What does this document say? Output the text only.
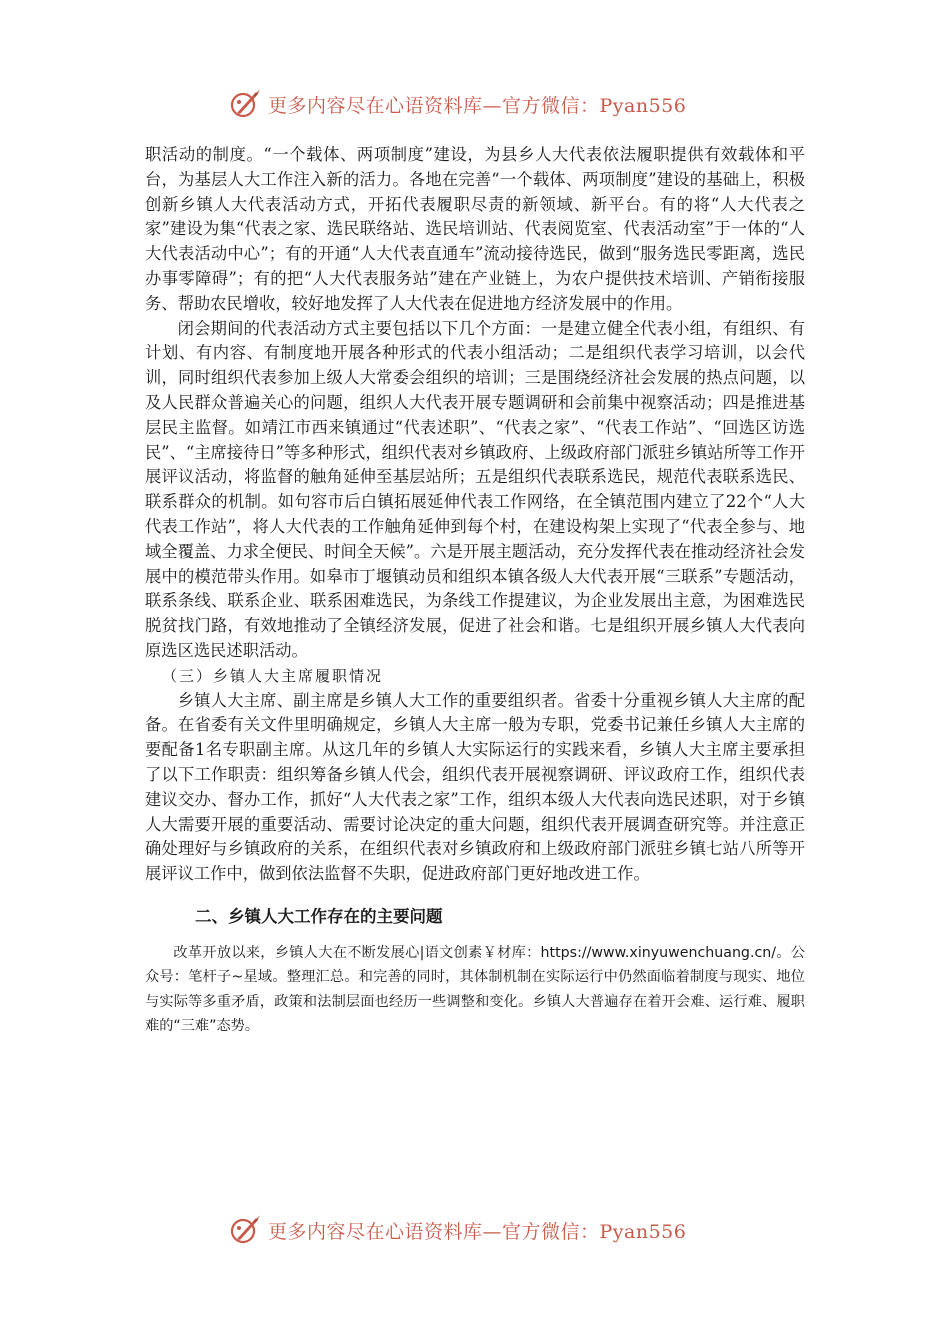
更多内容尽在心语资料库—官方微信：Pyan556

职活动的制度。“一个载体、两项制度”建设，为县乡人大代表依法履职提供有效载体和平台，为基层人大工作注入新的活力。各地在完善“一个载体、两项制度”建设的基础上，积极创新乡镇人大代表活动方式，开拓代表履职尽责的新领域、新平台。有的将“人大代表之家”建设为集“代表之家、选民联络站、选民培训站、代表阅览室、代表活动室”于一体的“人大代表活动中心”；有的开通“人大代表直通车”流动接待选民，做到“服务选民零距离，选民办事零障碍”；有的把“人大代表服务站”建在产业链上，为农户提供技术培训、产销衔接服务、帮助农民增收，较好地发挥了人大代表在促进地方经济发展中的作用。

闭会期间的代表活动方式主要包括以下几个方面：一是建立健全代表小组，有组织、有计划、有内容、有制度地开展各种形式的代表小组活动；二是组织代表学习培训，以会代训，同时组织代表参加上级人大常委会组织的培训；三是围绕经济社会发展的热点问题，以及人民群众普遍关心的问题，组织人大代表开展专题调研和会前集中视察活动；四是推进基层民主监督。如靖江市西来镇通过“代表述职”、“代表之家”、“代表工作站”、“回选区访选民”、“主席接待日”等多种形式，组织代表对乡镇政府、上级政府部门派驻乡镇站所等工作开展评议活动，将监督的触角延伸至基层站所；五是组织代表联系选民，规范代表联系选民、联系群众的机制。如句容市后白镇拓展延伸代表工作网络，在全镇范围内建立了22个“人大代表工作站”，将人大代表的工作触角延伸到每个村，在建设构架上实现了“代表全参与、地域全覆盖、力求全便民、时间全天候”。六是开展主题活动，充分发挥代表在推动经济社会发展中的模范带头作用。如皋市丁堰镇动员和组织本镇各级人大代表开展“三联系”专题活动，联系条线、联系企业、联系困难选民，为条线工作提建议，为企业发展出主意，为困难选民脱贫找门路，有效地推动了全镇经济发展，促进了社会和谐。七是组织开展乡镇人大代表向原选区选民述职活动。

（三）乡镇人大主席履职情况

乡镇人大主席、副主席是乡镇人大工作的重要组织者。省委十分重视乡镇人大主席的配备。在省委有关文件里明确规定，乡镇人大主席一般为专职，党委书记兼任乡镇人大主席的要配备1名专职副主席。从这几年的乡镇人大实际运行的实践来看，乡镇人大主席主要承担了以下工作职责：组织筹备乡镇人代会，组织代表开展视察调研、评议政府工作，组织代表建议交办、督办工作，抓好“人大代表之家”工作，组织本级人大代表向选民述职，对于乡镇人大需要开展的重要活动、需要讨论决定的重大问题，组织代表开展调查研究等。并注意正确处理好与乡镇政府的关系，在组织代表对乡镇政府和上级政府部门派驻乡镇七站八所等开展评议工作中，做到依法监督不失职，促进政府部门更好地改进工作。

二、乡镇人大工作存在的主要问题

改革开放以来，乡镇人大在不断发展心|语文创素￥材库：https://www.xinyuwenchuang.cn/。公众号：笔杆子~星域。整理汇总。和完善的同时，其体制机制在实际运行中仍然面临着制度与现实、地位与实际等多重矛盾，政策和法制层面也经历一些调整和变化。乡镇人大普遍存在着开会难、运行难、履职难的“三难”态势。

更多内容尽在心语资料库—官方微信：Pyan556
